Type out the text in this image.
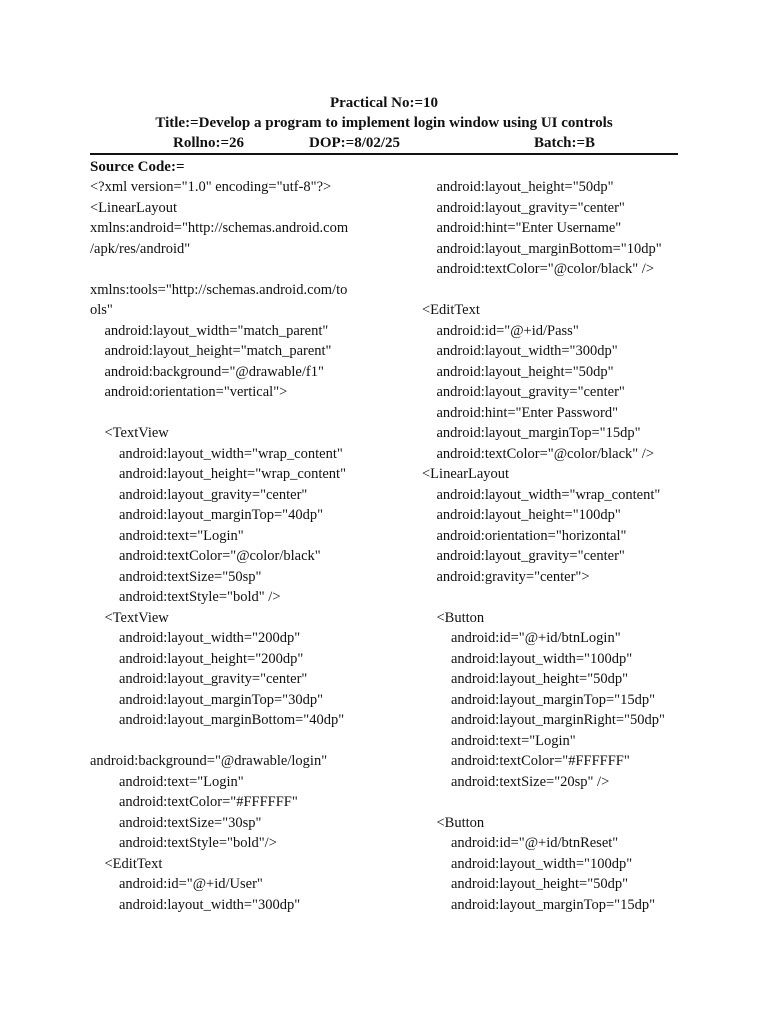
Practical No:=10
Title:=Develop a program to implement login window using UI controls
Rollno:=26	DOP:=8/02/25	Batch:=B
Source Code:=
<?xml version="1.0" encoding="utf-8"?>
<LinearLayout
xmlns:android="http://schemas.android.com
/apk/res/android"
xmlns:tools="http://schemas.android.com/to
ols"
android:layout_width="match_parent"
android:layout_height="match_parent"
android:background="@drawable/f1"
android:orientation="vertical">
<TextView
android:layout_width="wrap_content"
android:layout_height="wrap_content"
android:layout_gravity="center"
android:layout_marginTop="40dp"
android:text="Login"
android:textColor="@color/black"
android:textSize="50sp"
android:textStyle="bold" />
<TextView
android:layout_width="200dp"
android:layout_height="200dp"
android:layout_gravity="center"
android:layout_marginTop="30dp"
android:layout_marginBottom="40dp"
android:background="@drawable/login"
android:text="Login"
android:textColor="#FFFFFF"
android:textSize="30sp"
android:textStyle="bold"/>
<EditText
android:id="@+id/User"
android:layout_width="300dp"
android:layout_height="50dp"
android:layout_gravity="center"
android:hint="Enter Username"
android:layout_marginBottom="10dp"
android:textColor="@color/black" />
<EditText
android:id="@+id/Pass"
android:layout_width="300dp"
android:layout_height="50dp"
android:layout_gravity="center"
android:hint="Enter Password"
android:layout_marginTop="15dp"
android:textColor="@color/black" />
<LinearLayout
android:layout_width="wrap_content"
android:layout_height="100dp"
android:orientation="horizontal"
android:layout_gravity="center"
android:gravity="center">
<Button
android:id="@+id/btnLogin"
android:layout_width="100dp"
android:layout_height="50dp"
android:layout_marginTop="15dp"
android:layout_marginRight="50dp"
android:text="Login"
android:textColor="#FFFFFF"
android:textSize="20sp" />
<Button
android:id="@+id/btnReset"
android:layout_width="100dp"
android:layout_height="50dp"
android:layout_marginTop="15dp"
